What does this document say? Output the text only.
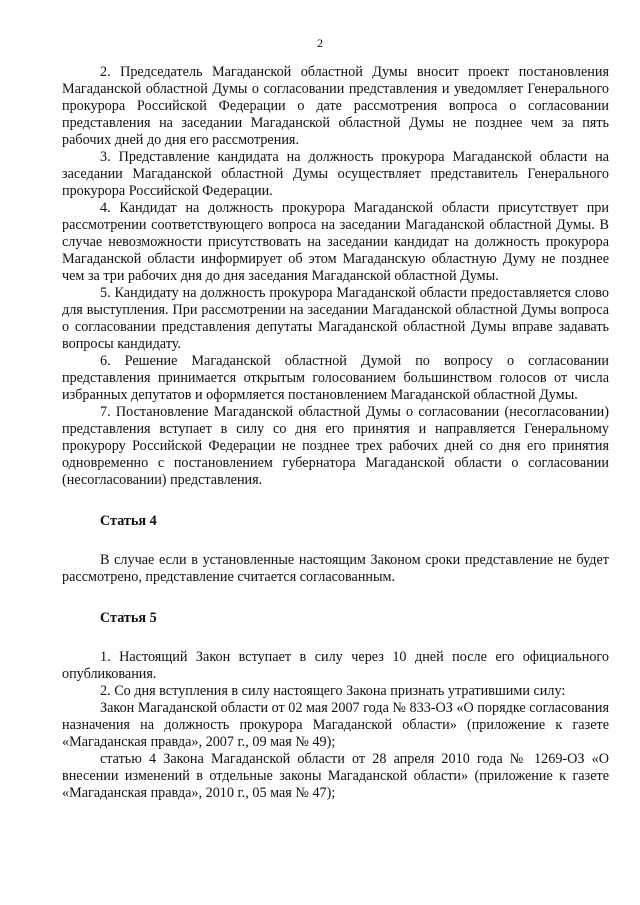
2

2. Председатель Магаданской областной Думы вносит проект постановления Магаданской областной Думы о согласовании представления и уведомляет Генерального прокурора Российской Федерации о дате рассмотрения вопроса о согласовании представления на заседании Магаданской областной Думы не позднее чем за пять рабочих дней до дня его рассмотрения.

3. Представление кандидата на должность прокурора Магаданской области на заседании Магаданской областной Думы осуществляет представитель Генерального прокурора Российской Федерации.

4. Кандидат на должность прокурора Магаданской области присутствует при рассмотрении соответствующего вопроса на заседании Магаданской областной Думы. В случае невозможности присутствовать на заседании кандидат на должность прокурора Магаданской области информирует об этом Магаданскую областную Думу не позднее чем за три рабочих дня до дня заседания Магаданской областной Думы.

5. Кандидату на должность прокурора Магаданской области предоставляется слово для выступления. При рассмотрении на заседании Магаданской областной Думы вопроса о согласовании представления депутаты Магаданской областной Думы вправе задавать вопросы кандидату.

6. Решение Магаданской областной Думой по вопросу о согласовании представления принимается открытым голосованием большинством голосов от числа избранных депутатов и оформляется постановлением Магаданской областной Думы.

7. Постановление Магаданской областной Думы о согласовании (несогласовании) представления вступает в силу со дня его принятия и направляется Генеральному прокурору Российской Федерации не позднее трех рабочих дней со дня его принятия одновременно с постановлением губернатора Магаданской области о согласовании (несогласовании) представления.

Статья 4

В случае если в установленные настоящим Законом сроки представление не будет рассмотрено, представление считается согласованным.

Статья 5

1. Настоящий Закон вступает в силу через 10 дней после его официального опубликования.

2. Со дня вступления в силу настоящего Закона признать утратившими силу:

Закон Магаданской области от 02 мая 2007 года № 833-ОЗ «О порядке согласования назначения на должность прокурора Магаданской области» (приложение к газете «Магаданская правда», 2007 г., 09 мая № 49);

статью 4 Закона Магаданской области от 28 апреля 2010 года № 1269-ОЗ «О внесении изменений в отдельные законы Магаданской области» (приложение к газете «Магаданская правда», 2010 г., 05 мая № 47);
